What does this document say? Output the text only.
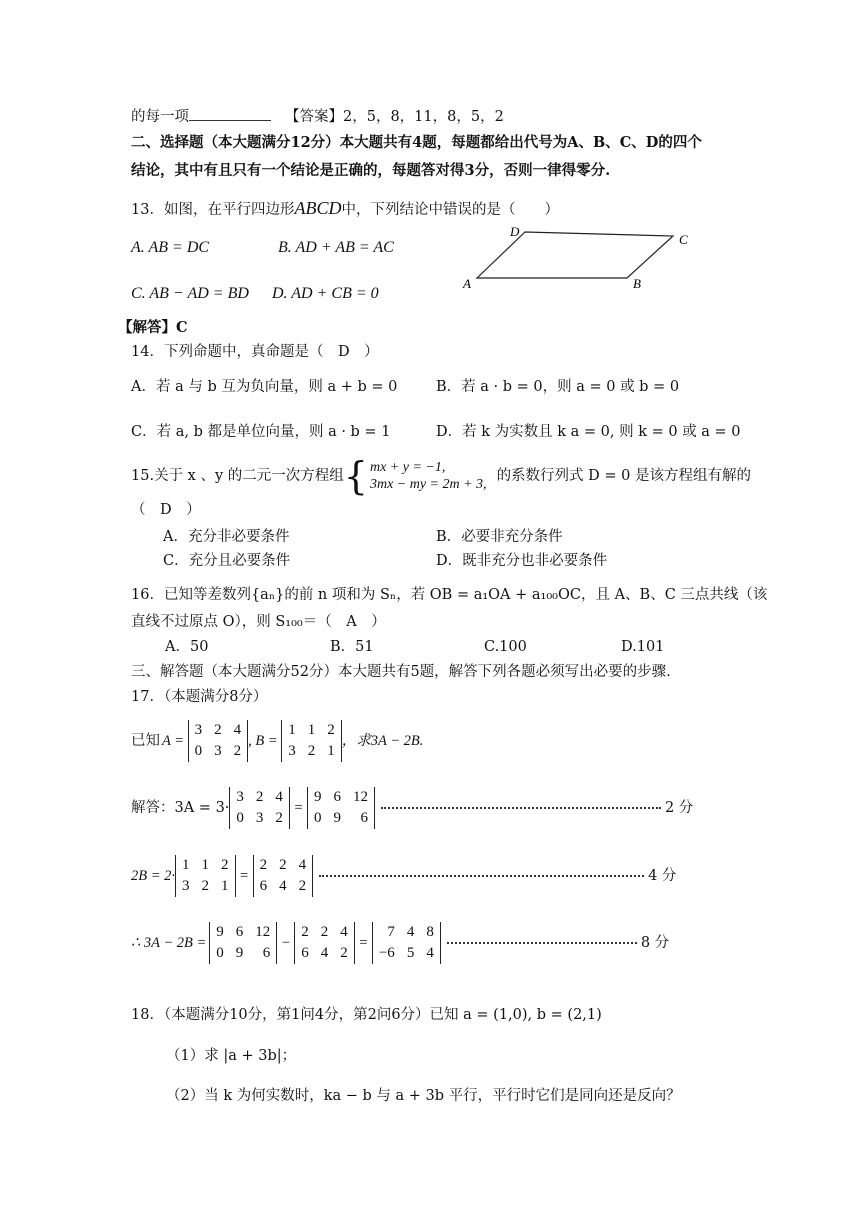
的每一项	【答案】2，5，8，11，8，5，2
二、选择题（本大题满分12分）本大题共有4题，每题都给出代号为A、B、C、D的四个
结论，其中有且只有一个结论是正确的，每题答对得3分，否则一律得零分.
13．如图，在平行四边形ABCD中，下列结论中错误的是（　　）
A. AB = DC	B. AD + AB = AC
C. AB − AD = BD D. AD + CB = 0
A
D
C
B
【解答】C
14．下列命题中，真命题是（　D　）
A．若 a 与 b 互为负向量，则 a + b = 0	B．若 a · b = 0，则 a = 0 或 b = 0
C．若 a, b 都是单位向量，则 a · b = 1	D．若 k 为实数且 k a = 0, 则 k = 0 或 a = 0
15.关于 x 、y 的二元一次方程组 { mx + y = −1,
3mx − my = 2m + 3,
的系数行列式 D = 0 是该方程组有解的
（　D　）
A．充分非必要条件	B．必要非充分条件
C．充分且必要条件	D．既非充分也非必要条件
16．已知等差数列{aₙ}的前 n 项和为 Sₙ，若 OB = a₁OA + a₁₀₀OC，且 A、B、C 三点共线（该
直线不过原点 O），则 S₁₀₀＝（　A　）
A．50	B．51	C.100	D.101
三、解答题（本大题满分52分）本大题共有5题，解答下列各题必须写出必要的步骤.
17．（本题满分8分）
已知 A =
3	2	4
0	3	2
, B =
1	1	2
3	2	1
，求3A − 2B.
解答：3A = 3·
3	2	4
0	3	2
=
9	6	12
0	9	6
2 分
2B = 2·
1	1	2
3	2	1
=
2	2	4
6	4	2
4 分
∴ 3A − 2B =
9	6	12
0	9	6
−
2	2	4
6	4	2
=
7	4	8
−6	5	4
8 分
18．（本题满分10分，第1问4分，第2问6分）已知 a = (1,0), b = (2,1)
（1）求 |a + 3b|；
（2）当 k 为何实数时，ka − b 与 a + 3b 平行，平行时它们是同向还是反向？
